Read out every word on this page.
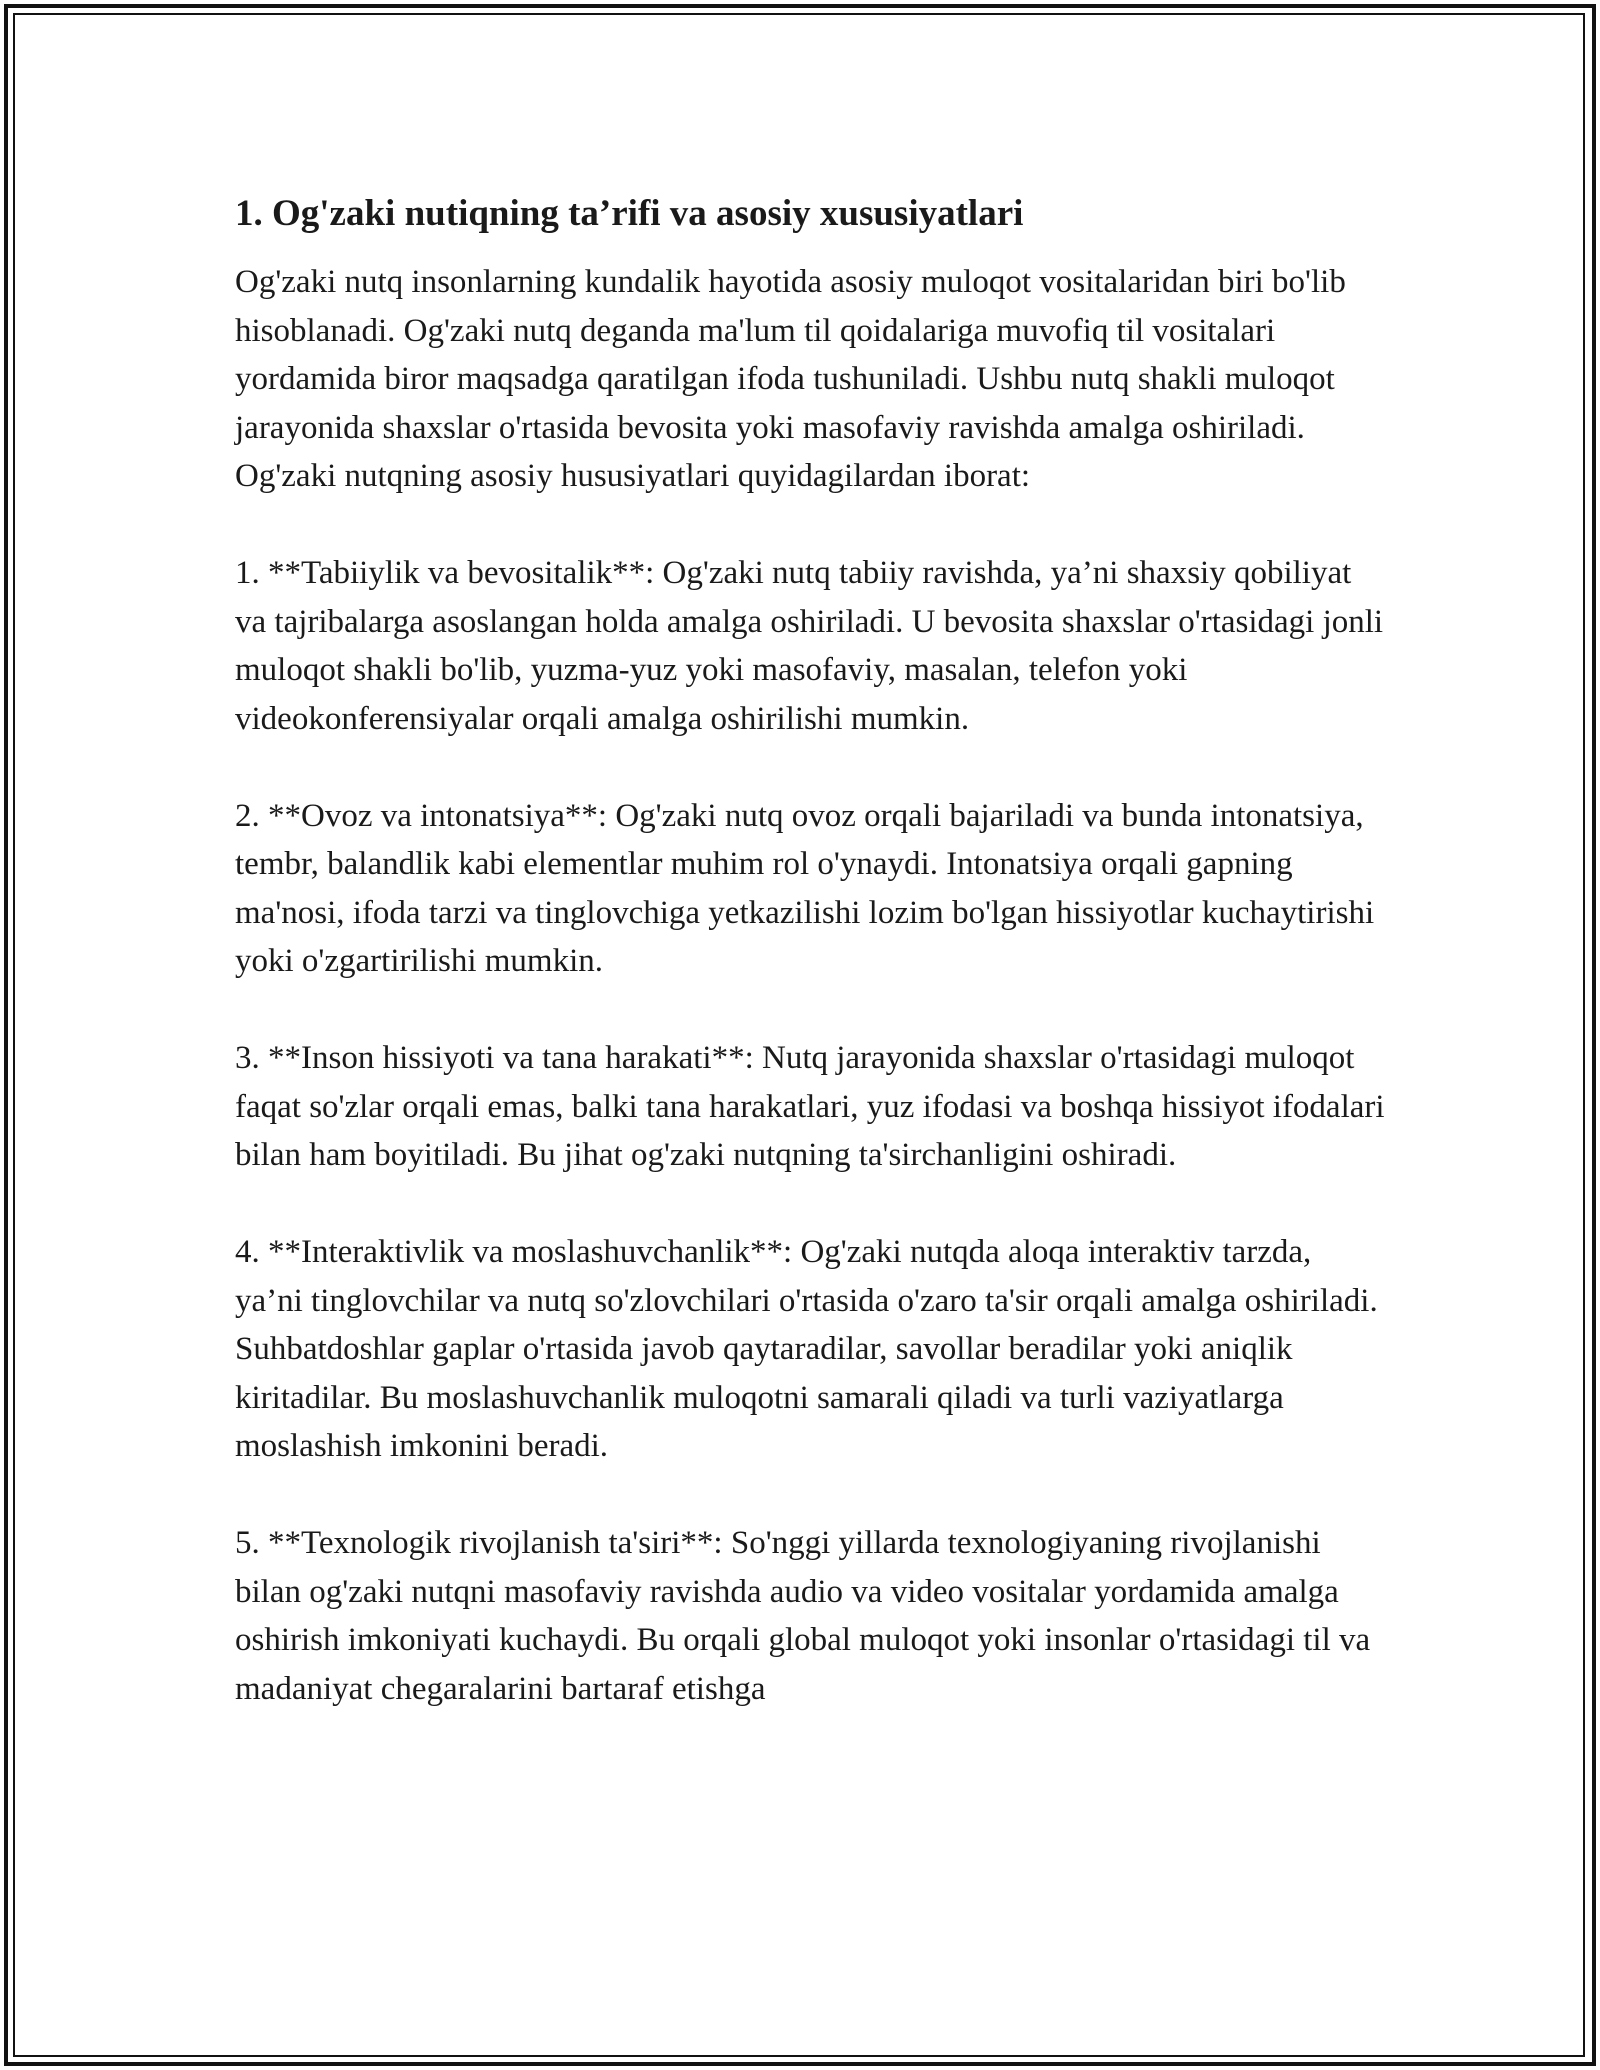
1. Og'zaki nutiqning ta’rifi va asosiy xususiyatlari

Og'zaki nutq insonlarning kundalik hayotida asosiy muloqot vositalaridan biri bo'lib hisoblanadi. Og'zaki nutq deganda ma'lum til qoidalariga muvofiq til vositalari yordamida biror maqsadga qaratilgan ifoda tushuniladi. Ushbu nutq shakli muloqot jarayonida shaxslar o'rtasida bevosita yoki masofaviy ravishda amalga oshiriladi. Og'zaki nutqning asosiy hususiyatlari quyidagilardan iborat:

1. **Tabiiylik va bevositalik**: Og'zaki nutq tabiiy ravishda, ya’ni shaxsiy qobiliyat va tajribalarga asoslangan holda amalga oshiriladi. U bevosita shaxslar o'rtasidagi jonli muloqot shakli bo'lib, yuzma-yuz yoki masofaviy, masalan, telefon yoki videokonferensiyalar orqali amalga oshirilishi mumkin.

2. **Ovoz va intonatsiya**: Og'zaki nutq ovoz orqali bajariladi va bunda intonatsiya, tembr, balandlik kabi elementlar muhim rol o'ynaydi. Intonatsiya orqali gapning ma'nosi, ifoda tarzi va tinglovchiga yetkazilishi lozim bo'lgan hissiyotlar kuchaytirishi yoki o'zgartirilishi mumkin.

3. **Inson hissiyoti va tana harakati**: Nutq jarayonida shaxslar o'rtasidagi muloqot faqat so'zlar orqali emas, balki tana harakatlari, yuz ifodasi va boshqa hissiyot ifodalari bilan ham boyitiladi. Bu jihat og'zaki nutqning ta'sirchanligini oshiradi.

4. **Interaktivlik va moslashuvchanlik**: Og'zaki nutqda aloqa interaktiv tarzda, ya’ni tinglovchilar va nutq so'zlovchilari o'rtasida o'zaro ta'sir orqali amalga oshiriladi. Suhbatdoshlar gaplar o'rtasida javob qaytaradilar, savollar beradilar yoki aniqlik kiritadilar. Bu moslashuvchanlik muloqotni samarali qiladi va turli vaziyatlarga moslashish imkonini beradi.

5. **Texnologik rivojlanish ta'siri**: So'nggi yillarda texnologiyaning rivojlanishi bilan og'zaki nutqni masofaviy ravishda audio va video vositalar yordamida amalga oshirish imkoniyati kuchaydi. Bu orqali global muloqot yoki insonlar o'rtasidagi til va madaniyat chegaralarini bartaraf etishga
